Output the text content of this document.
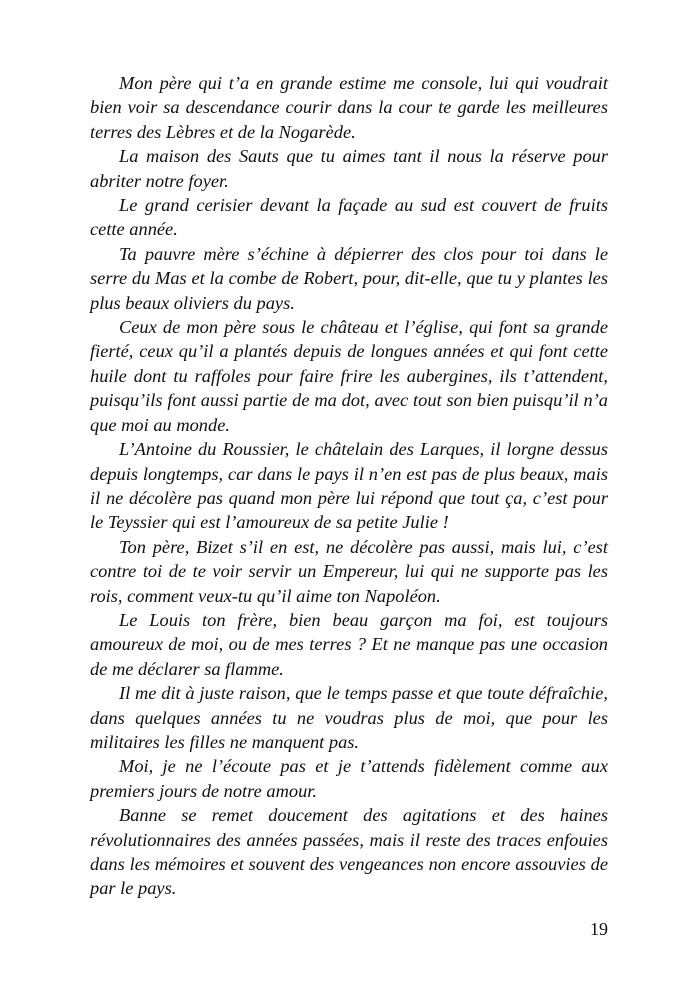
Mon père qui t’a en grande estime me console, lui qui voudrait bien voir sa descendance courir dans la cour te garde les meilleures terres des Lèbres et de la Nogarède.

La maison des Sauts que tu aimes tant il nous la réserve pour abriter notre foyer.

Le grand cerisier devant la façade au sud est couvert de fruits cette année.

Ta pauvre mère s’échine à dépierrer des clos pour toi dans le serre du Mas et la combe de Robert, pour, dit-elle, que tu y plantes les plus beaux oliviers du pays.

Ceux de mon père sous le château et l’église, qui font sa grande fierté, ceux qu’il a plantés depuis de longues années et qui font cette huile dont tu raffoles pour faire frire les aubergines, ils t’attendent, puisqu’ils font aussi partie de ma dot, avec tout son bien puisqu’il n’a que moi au monde.

L’Antoine du Roussier, le châtelain des Larques, il lorgne dessus depuis longtemps, car dans le pays il n’en est pas de plus beaux, mais il ne décolère pas quand mon père lui répond que tout ça, c’est pour le Teyssier qui est l’amoureux de sa petite Julie !

Ton père, Bizet s’il en est, ne décolère pas aussi, mais lui, c’est contre toi de te voir servir un Empereur, lui qui ne supporte pas les rois, comment veux-tu qu’il aime ton Napoléon.

Le Louis ton frère, bien beau garçon ma foi, est toujours amoureux de moi, ou de mes terres ? Et ne manque pas une occasion de me déclarer sa flamme.

Il me dit à juste raison, que le temps passe et que toute défraîchie, dans quelques années tu ne voudras plus de moi, que pour les militaires les filles ne manquent pas.

Moi, je ne l’écoute pas et je t’attends fidèlement comme aux premiers jours de notre amour.

Banne se remet doucement des agitations et des haines révolutionnaires des années passées, mais il reste des traces enfouies dans les mémoires et souvent des vengeances non encore assouvies de par le pays.

19
